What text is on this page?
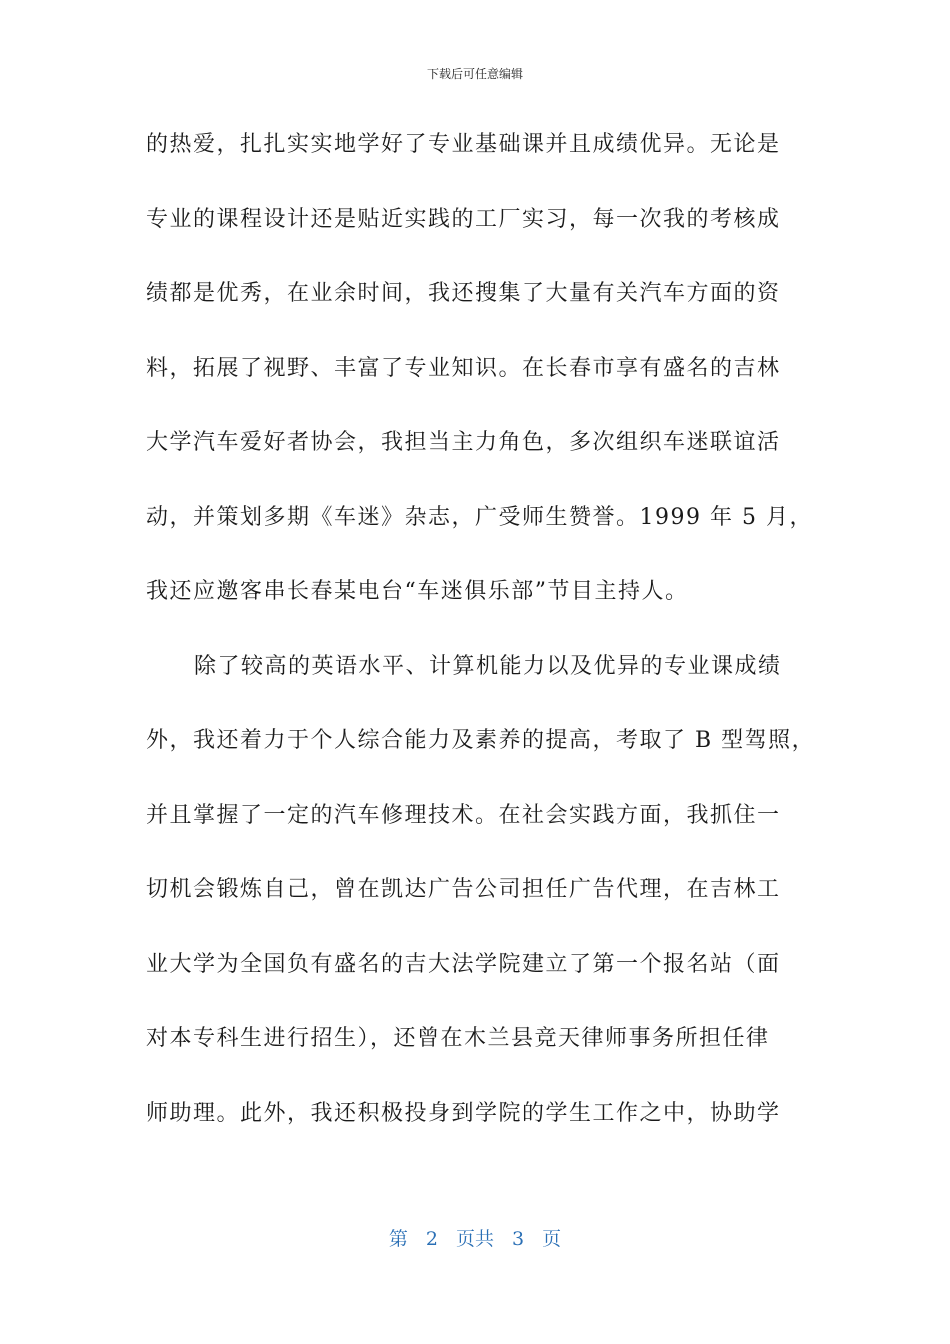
下载后可任意编辑
的热爱，扎扎实实地学好了专业基础课并且成绩优异。无论是
专业的课程设计还是贴近实践的工厂实习，每一次我的考核成
绩都是优秀，在业余时间，我还搜集了大量有关汽车方面的资
料，拓展了视野、丰富了专业知识。在长春市享有盛名的吉林
大学汽车爱好者协会，我担当主力角色，多次组织车迷联谊活
动，并策划多期《车迷》杂志，广受师生赞誉。1999 年 5 月，
我还应邀客串长春某电台“车迷俱乐部”节目主持人。
除了较高的英语水平、计算机能力以及优异的专业课成绩
外，我还着力于个人综合能力及素养的提高，考取了 B 型驾照，
并且掌握了一定的汽车修理技术。在社会实践方面，我抓住一
切机会锻炼自己，曾在凯达广告公司担任广告代理，在吉林工
业大学为全国负有盛名的吉大法学院建立了第一个报名站（面
对本专科生进行招生），还曾在木兰县竞天律师事务所担任律
师助理。此外，我还积极投身到学院的学生工作之中，协助学
第 2 页共 3 页
